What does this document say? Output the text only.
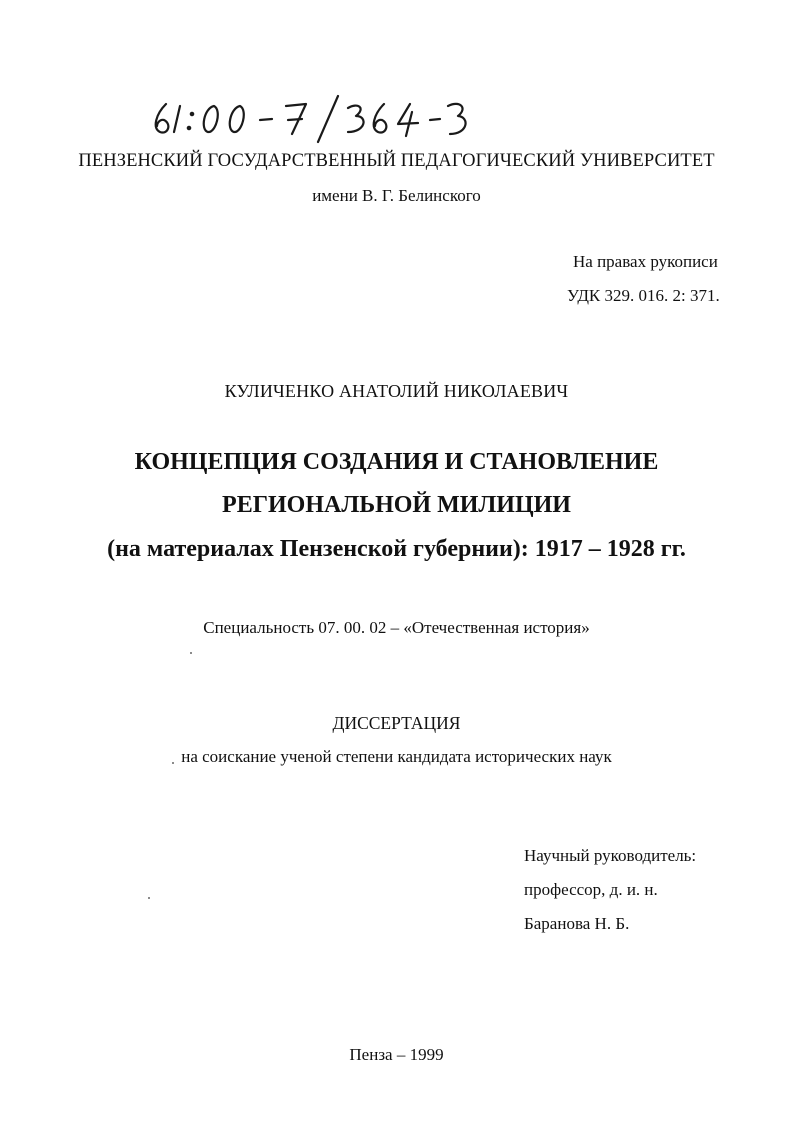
ПЕНЗЕНСКИЙ ГОСУДАРСТВЕННЫЙ ПЕДАГОГИЧЕСКИЙ УНИВЕРСИТЕТ
имени В. Г. Белинского
На правах рукописи
УДК 329. 016. 2: 371.
КУЛИЧЕНКО АНАТОЛИЙ НИКОЛАЕВИЧ
КОНЦЕПЦИЯ СОЗДАНИЯ И СТАНОВЛЕНИЕ
РЕГИОНАЛЬНОЙ МИЛИЦИИ
(на материалах Пензенской губернии): 1917 – 1928 гг.
Специальность 07. 00. 02 – «Отечественная история»
ДИССЕРТАЦИЯ
на соискание ученой степени кандидата исторических наук
Научный руководитель:
профессор, д. и. н.
Баранова Н. Б.
Пенза – 1999
